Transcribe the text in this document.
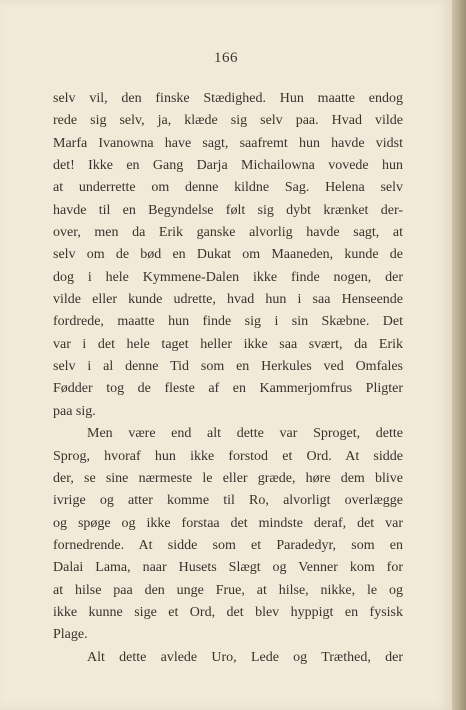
166
selv vil, den finske Stædighed. Hun maatte endog
rede sig selv, ja, klæde sig selv paa. Hvad vilde
Marfa Ivanowna have sagt, saafremt hun havde vidst
det! Ikke en Gang Darja Michailowna vovede hun
at underrette om denne kildne Sag. Helena selv
havde til en Begyndelse følt sig dybt krænket der-
over, men da Erik ganske alvorlig havde sagt, at
selv om de bød en Dukat om Maaneden, kunde de
dog i hele Kymmene-Dalen ikke finde nogen, der
vilde eller kunde udrette, hvad hun i saa Henseende
fordrede, maatte hun finde sig i sin Skæbne. Det
var i det hele taget heller ikke saa svært, da Erik
selv i al denne Tid som en Herkules ved Omfales
Fødder tog de fleste af en Kammerjomfrus Pligter
paa sig.
Men være end alt dette var Sproget, dette
Sprog, hvoraf hun ikke forstod et Ord. At sidde
der, se sine nærmeste le eller græde, høre dem blive
ivrige og atter komme til Ro, alvorligt overlægge
og spøge og ikke forstaa det mindste deraf, det var
fornedrende. At sidde som et Paradedyr, som en
Dalai Lama, naar Husets Slægt og Venner kom for
at hilse paa den unge Frue, at hilse, nikke, le og
ikke kunne sige et Ord, det blev hyppigt en fysisk
Plage.
Alt dette avlede Uro, Lede og Træthed, der
